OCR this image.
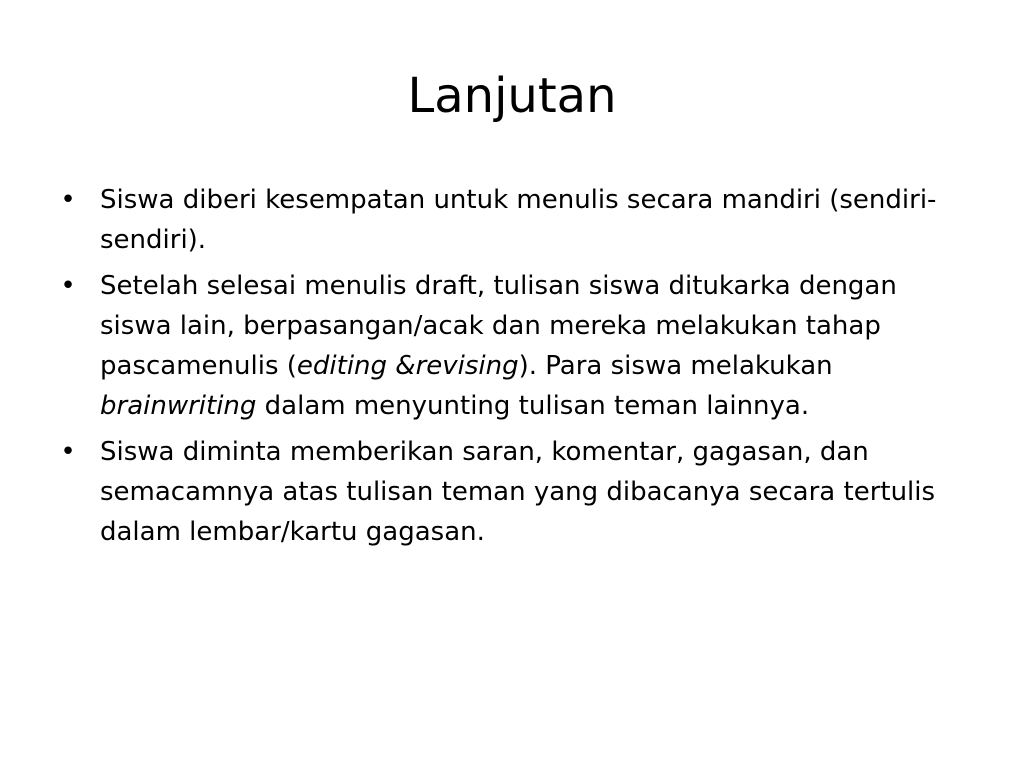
Lanjutan
• Siswa diberi kesempatan untuk menulis secara mandiri (sendiri-sendiri).
• Setelah selesai menulis draft, tulisan siswa ditukarka dengan siswa lain, berpasangan/acak dan mereka melakukan tahap pascamenulis (editing &revising). Para siswa melakukan brainwriting dalam menyunting tulisan teman lainnya.
• Siswa diminta memberikan saran, komentar, gagasan, dan semacamnya atas tulisan teman yang dibacanya secara tertulis dalam lembar/kartu gagasan.
